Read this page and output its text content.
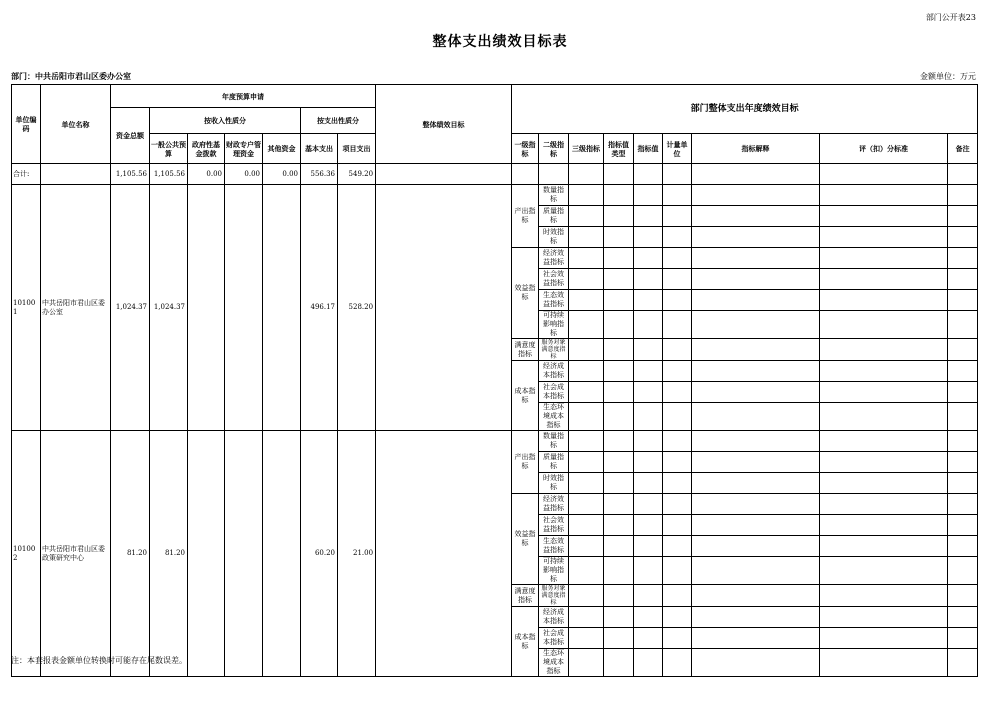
部门公开表23
整体支出绩效目标表
部门：中共岳阳市君山区委办公室	金额单位：万元
单位编码	单位名称	年度预算申请							整体绩效目标	部门整体支出年度绩效目标								
		资金总额	按收入性质分				按支出性质分											
			一般公共预算	政府性基金拨款	财政专户管理资金	其他资金	基本支出	项目支出		一级指标	二级指标	三级指标	指标值类型	指标值	计量单位	指标解释	评（扣）分标准	备注
合计:		1,105.56	1,105.56	0.00	0.00	0.00	556.36	549.20										
101001	中共岳阳市君山区委办公室	1,024.37	1,024.37				496.17	528.20		产出指标	数量指标							
											质量指标							
											时效指标							
										效益指标	经济效益指标							
											社会效益指标							
											生态效益指标							
											可持续影响指标							
										满意度指标	服务对象满意度指标							
										成本指标	经济成本指标							
											社会成本指标							
											生态环境成本指标							
101002	中共岳阳市君山区委政策研究中心	81.20	81.20				60.20	21.00		产出指标	数量指标							
											质量指标							
											时效指标							
										效益指标	经济效益指标							
											社会效益指标							
											生态效益指标							
											可持续影响指标							
										满意度指标	服务对象满意度指标							
										成本指标	经济成本指标							
											社会成本指标							
											生态环境成本指标							
注：本套报表金额单位转换时可能存在尾数误差。
